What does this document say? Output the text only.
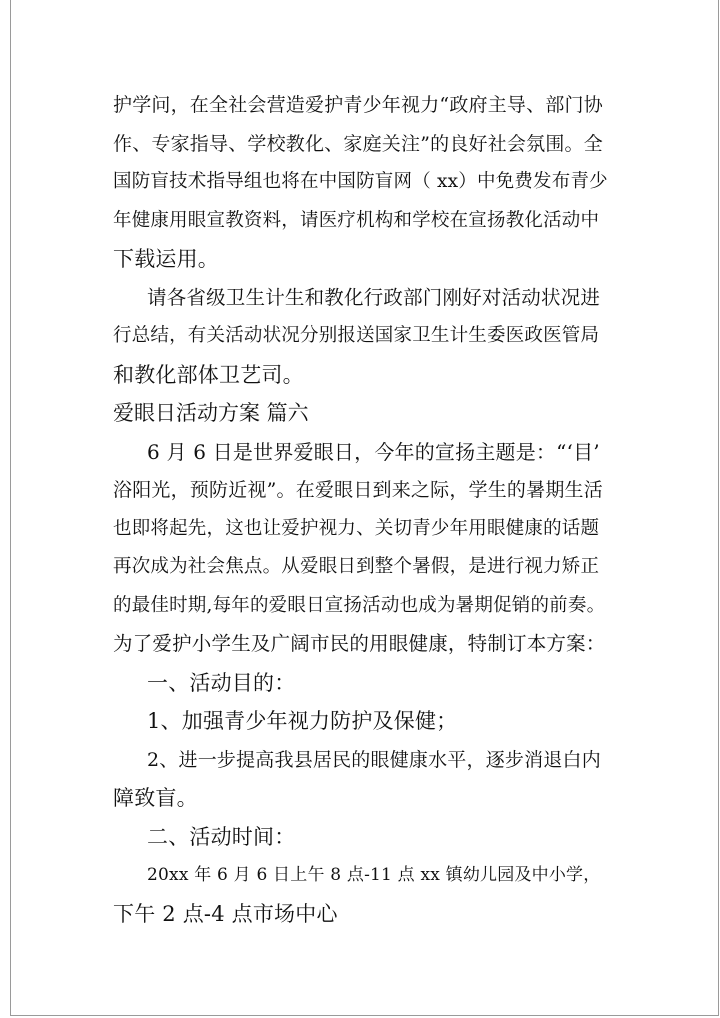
护学问，在全社会营造爱护青少年视力“政府主导、部门协
作、专家指导、学校教化、家庭关注”的良好社会氛围。全
国防盲技术指导组也将在中国防盲网（ xx）中免费发布青少
年健康用眼宣教资料，请医疗机构和学校在宣扬教化活动中
下载运用。
请各省级卫生计生和教化行政部门刚好对活动状况进
行总结，有关活动状况分别报送国家卫生计生委医政医管局
和教化部体卫艺司。
爱眼日活动方案 篇六
6 月 6 日是世界爱眼日，今年的宣扬主题是：“‘目’
浴阳光，预防近视”。在爱眼日到来之际，学生的暑期生活
也即将起先，这也让爱护视力、关切青少年用眼健康的话题
再次成为社会焦点。从爱眼日到整个暑假，是进行视力矫正
的最佳时期,每年的爱眼日宣扬活动也成为暑期促销的前奏。
为了爱护小学生及广阔市民的用眼健康，特制订本方案：
一、活动目的：
1、加强青少年视力防护及保健；
2、进一步提高我县居民的眼健康水平，逐步消退白内
障致盲。
二、活动时间：
20xx 年 6 月 6 日上午 8 点-11 点 xx 镇幼儿园及中小学，
下午 2 点-4 点市场中心
